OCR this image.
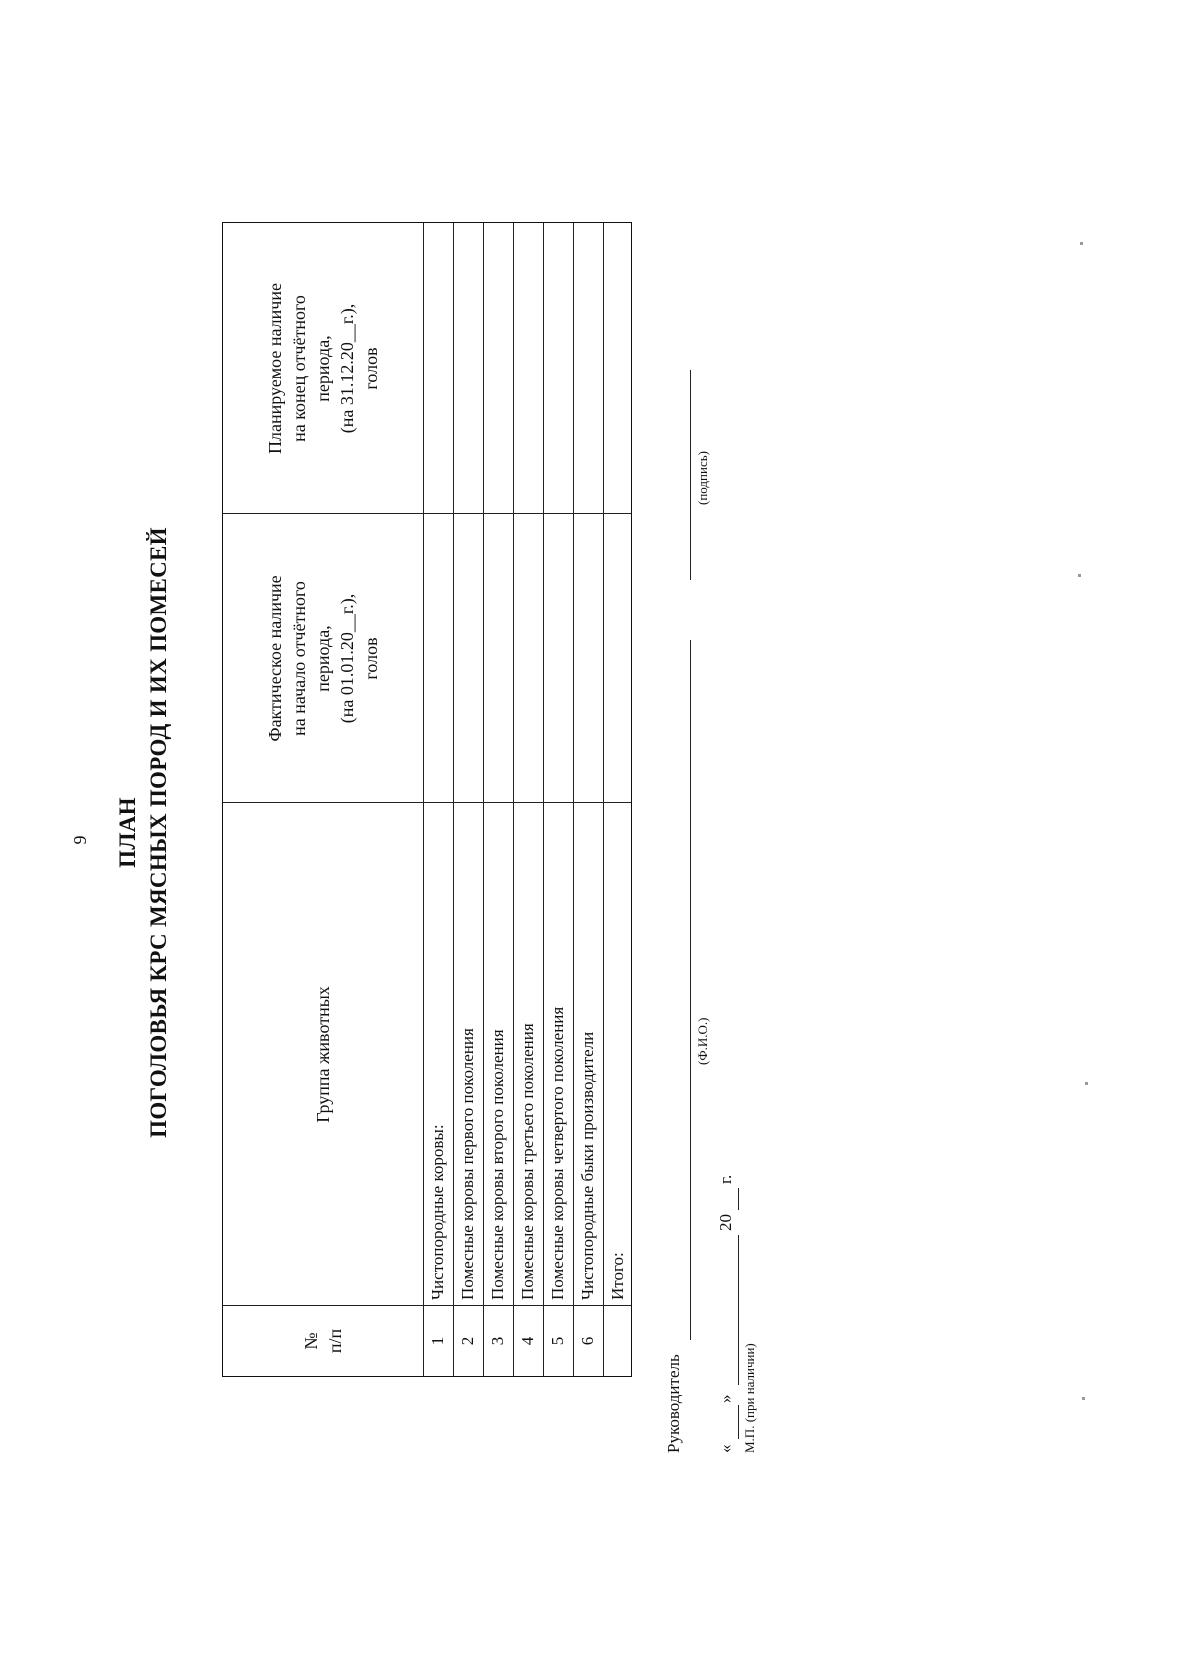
9 ПЛАН ПОГОЛОВЬЯ КРС МЯСНЫХ ПОРОД И ИХ ПОМЕСЕЙ
№
п/п
Группа животных
Фактическое наличие
на начало отчётного
периода,
(на 01.01.20__г.),
голов
Планируемое наличие
на конец отчётного
периода,
(на 31.12.20__г.),
голов
1
Чистопородные коровы:
2
Помесные коровы первого поколения
3
Помесные коровы второго поколения
4
Помесные коровы третьего поколения
5
Помесные коровы четвертого поколения
6
Чистопородные быки производители Итого:
Руководитель
(Ф.И.О.)
(подпись)
«
»
20
г.
М.П. (при наличии)
